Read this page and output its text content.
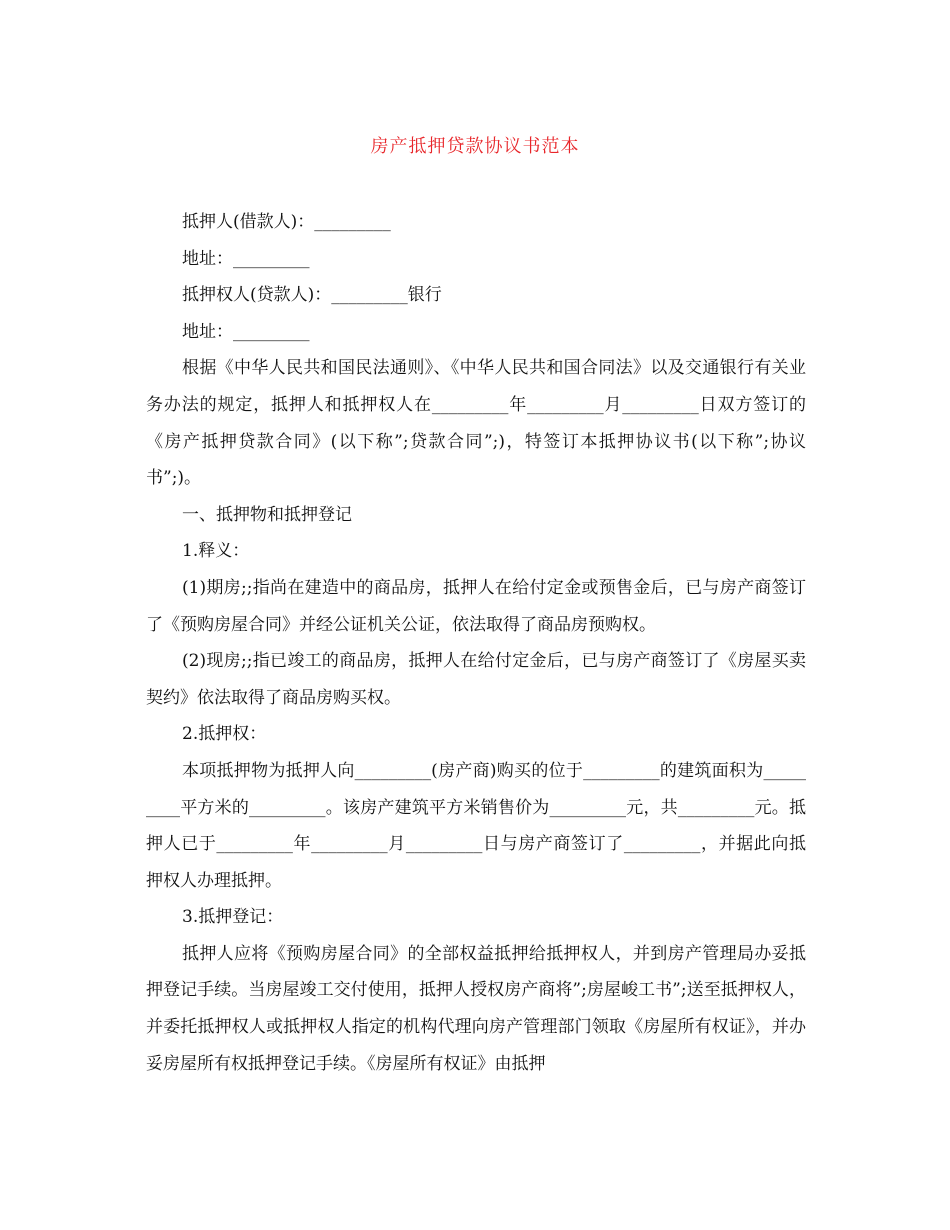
房产抵押贷款协议书范本

抵押人(借款人)：_________

地址：_________

抵押权人(贷款人)：_________银行

地址：_________

根据《中华人民共和国民法通则》、《中华人民共和国合同法》以及交通银行有关业务办法的规定，抵押人和抵押权人在_________年_________月_________日双方签订的《房产抵押贷款合同》(以下称”;贷款合同”;)，特签订本抵押协议书(以下称”;协议书”;)。

一、抵押物和抵押登记

1.释义：

(1)期房;;指尚在建造中的商品房，抵押人在给付定金或预售金后，已与房产商签订了《预购房屋合同》并经公证机关公证，依法取得了商品房预购权。

(2)现房;;指已竣工的商品房，抵押人在给付定金后，已与房产商签订了《房屋买卖契约》依法取得了商品房购买权。

2.抵押权：

本项抵押物为抵押人向_________(房产商)购买的位于_________的建筑面积为_________平方米的_________。该房产建筑平方米销售价为_________元，共_________元。抵押人已于_________年_________月_________日与房产商签订了_________，并据此向抵押权人办理抵押。

3.抵押登记：

抵押人应将《预购房屋合同》的全部权益抵押给抵押权人，并到房产管理局办妥抵押登记手续。当房屋竣工交付使用，抵押人授权房产商将”;房屋峻工书”;送至抵押权人，并委托抵押权人或抵押权人指定的机构代理向房产管理部门领取《房屋所有权证》，并办妥房屋所有权抵押登记手续。《房屋所有权证》由抵押
